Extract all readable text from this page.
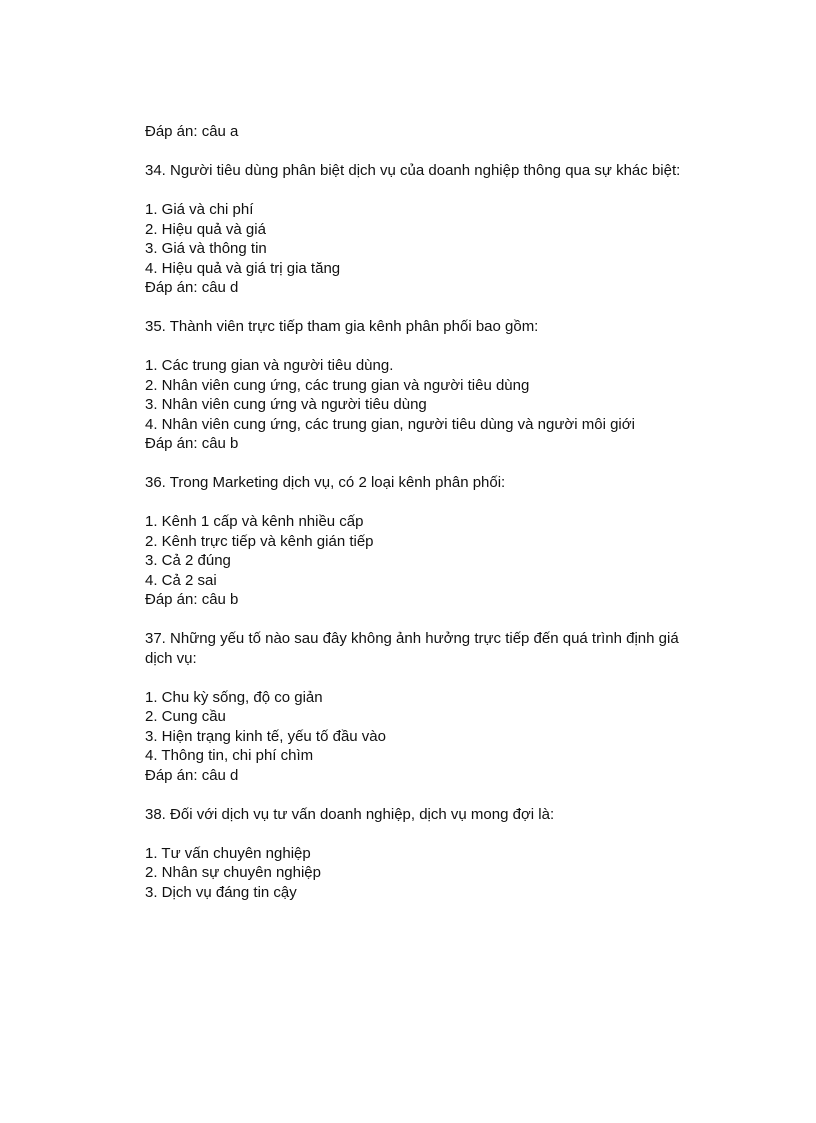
Đáp án: câu a

34. Người tiêu dùng phân biệt dịch vụ của doanh nghiệp thông qua sự khác biệt:

1. Giá và chi phí
2. Hiệu quả và giá
3. Giá và thông tin
4. Hiệu quả và giá trị gia tăng

Đáp án: câu d

35. Thành viên trực tiếp tham gia kênh phân phối bao gồm:

1. Các trung gian và người tiêu dùng.
2. Nhân viên cung ứng, các trung gian và người tiêu dùng
3. Nhân viên cung ứng và người tiêu dùng
4. Nhân viên cung ứng, các trung gian, người tiêu dùng và người môi giới

Đáp án: câu b

36. Trong Marketing dịch vụ, có 2 loại kênh phân phối:

1. Kênh 1 cấp và kênh nhiều cấp
2. Kênh trực tiếp và kênh gián tiếp
3. Cả 2 đúng
4. Cả 2 sai

Đáp án: câu b

37. Những yếu tố nào sau đây không ảnh hưởng trực tiếp đến quá trình định giá dịch vụ:

1. Chu kỳ sống, độ co giản
2. Cung cầu
3. Hiện trạng kinh tế, yếu tố đầu vào
4. Thông tin, chi phí chìm

Đáp án: câu d

38. Đối với dịch vụ tư vấn doanh nghiệp, dịch vụ mong đợi là:

1. Tư vấn chuyên nghiệp
2. Nhân sự chuyên nghiệp
3. Dịch vụ đáng tin cậy
